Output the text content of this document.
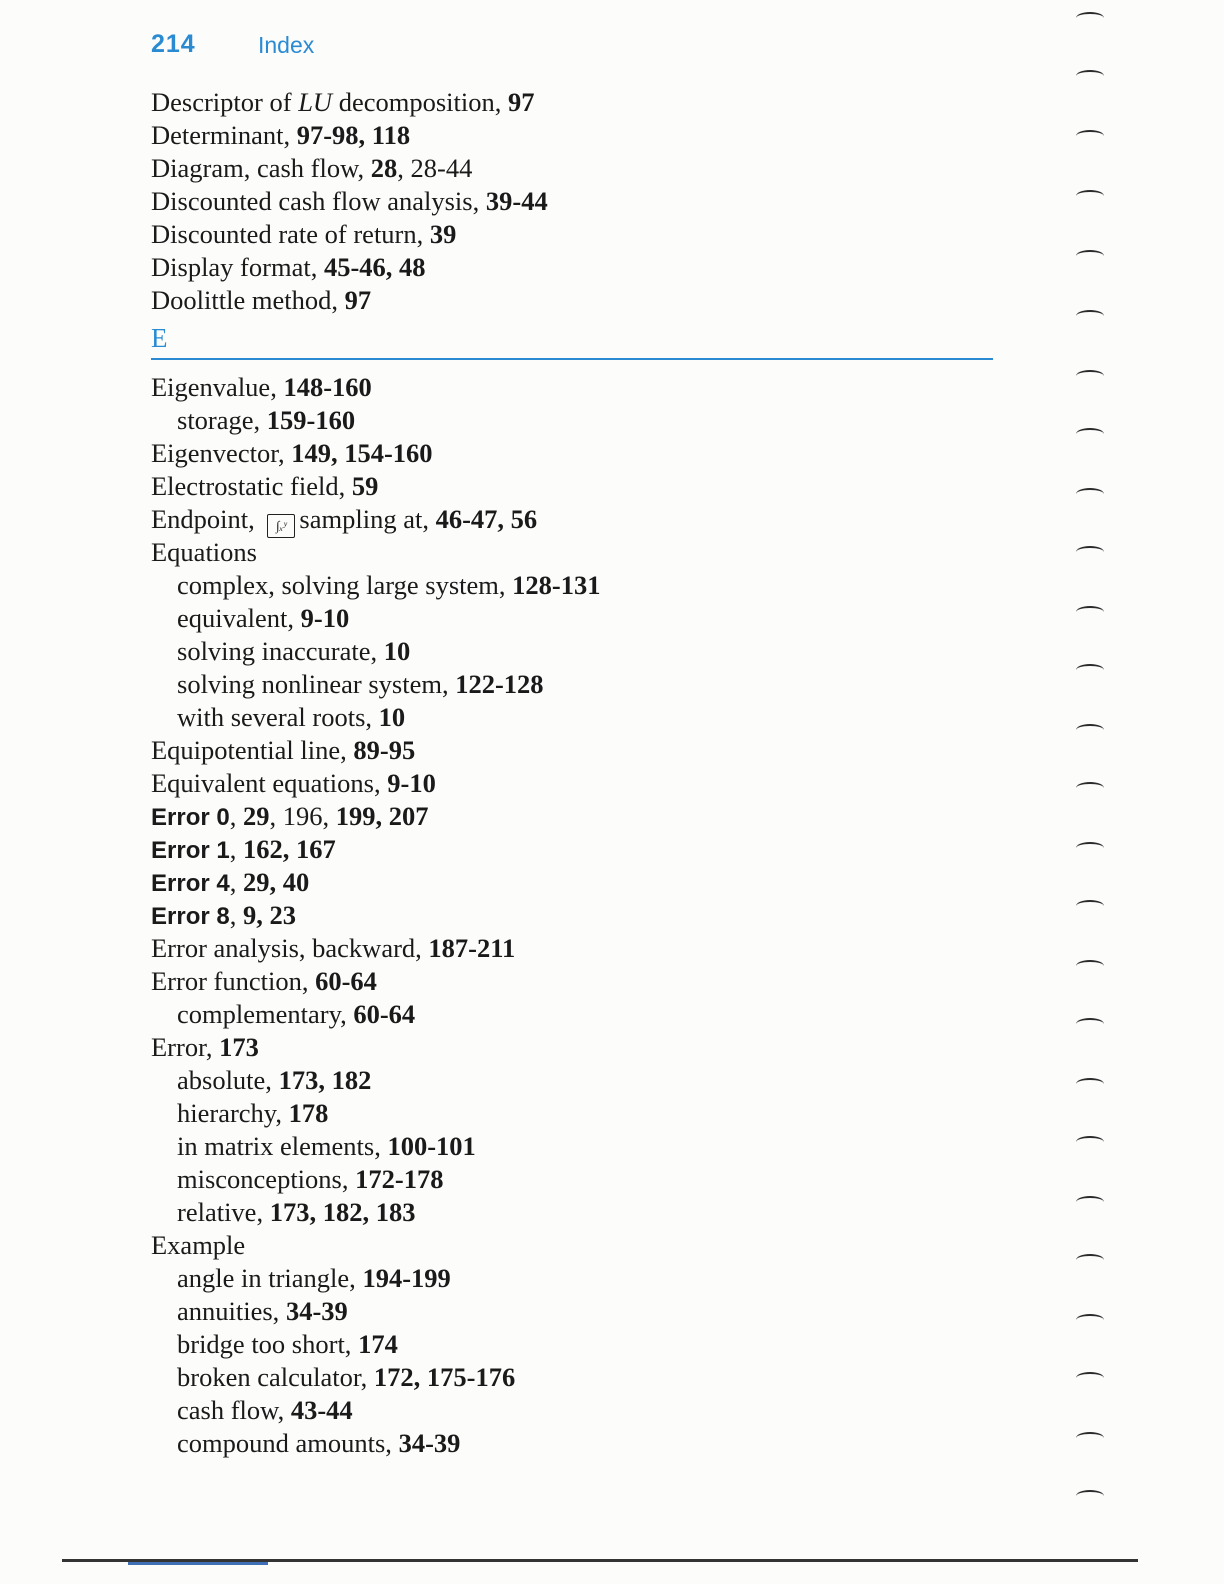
214	Index
Descriptor of LU decomposition, 97
Determinant, 97-98, 118
Diagram, cash flow, 28, 28-44
Discounted cash flow analysis, 39-44
Discounted rate of return, 39
Display format, 45-46, 48
Doolittle method, 97
E
Eigenvalue, 148-160
storage, 159-160
Eigenvector, 149, 154-160
Electrostatic field, 59
Endpoint, ∫ₓʸ sampling at, 46-47, 56
Equations
complex, solving large system, 128-131
equivalent, 9-10
solving inaccurate, 10
solving nonlinear system, 122-128
with several roots, 10
Equipotential line, 89-95
Equivalent equations, 9-10
Error 0, 29, 196, 199, 207
Error 1, 162, 167
Error 4, 29, 40
Error 8, 9, 23
Error analysis, backward, 187-211
Error function, 60-64
complementary, 60-64
Error, 173
absolute, 173, 182
hierarchy, 178
in matrix elements, 100-101
misconceptions, 172-178
relative, 173, 182, 183
Example
angle in triangle, 194-199
annuities, 34-39
bridge too short, 174
broken calculator, 172, 175-176
cash flow, 43-44
compound amounts, 34-39
